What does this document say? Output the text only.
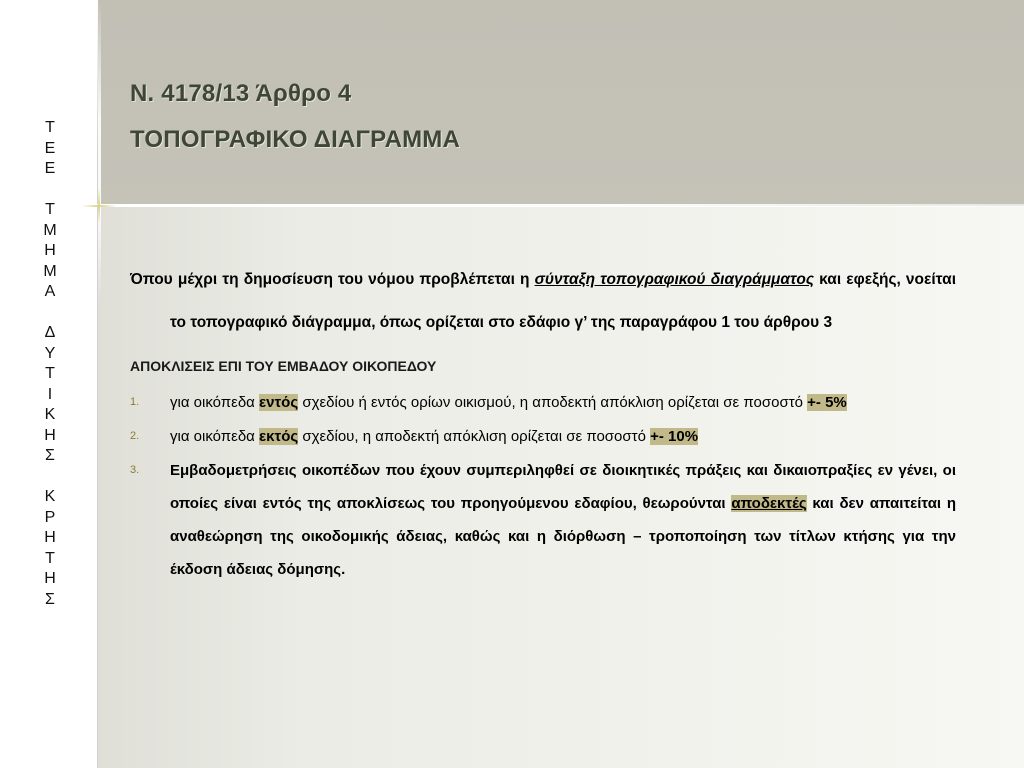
Τ
Ε
Ε
Τ
Μ
Η
Μ
Α
Δ
Υ
Τ
Ι
Κ
Η
Σ
Κ
Ρ
Η
Τ
Η
Σ
Ν. 4178/13 Άρθρο 4
ΤΟΠΟΓΡΑΦΙΚΟ ΔΙΑΓΡΑΜΜΑ

Όπου μέχρι τη δημοσίευση του νόμου προβλέπεται η σύνταξη τοπογραφικού διαγράμματος και εφεξής, νοείται το τοπογραφικό διάγραμμα, όπως ορίζεται στο εδάφιο γ’ της παραγράφου 1 του άρθρου 3

ΑΠΟΚΛΙΣΕΙΣ ΕΠΙ ΤΟΥ ΕΜΒΑΔΟΥ ΟΙΚΟΠΕΔΟΥ
1. για οικόπεδα εντός σχεδίου ή εντός ορίων οικισμού, η αποδεκτή απόκλιση ορίζεται σε ποσοστό +- 5%
2. για οικόπεδα εκτός σχεδίου, η αποδεκτή απόκλιση ορίζεται σε ποσοστό +- 10%
3. Εμβαδομετρήσεις οικοπέδων που έχουν συμπεριληφθεί σε διοικητικές πράξεις και δικαιοπραξίες εν γένει, οι οποίες είναι εντός της αποκλίσεως του προηγούμενου εδαφίου, θεωρούνται αποδεκτές και δεν απαιτείται η αναθεώρηση της οικοδομικής άδειας, καθώς και η διόρθωση – τροποποίηση των τίτλων κτήσης για την έκδοση άδειας δόμησης.
